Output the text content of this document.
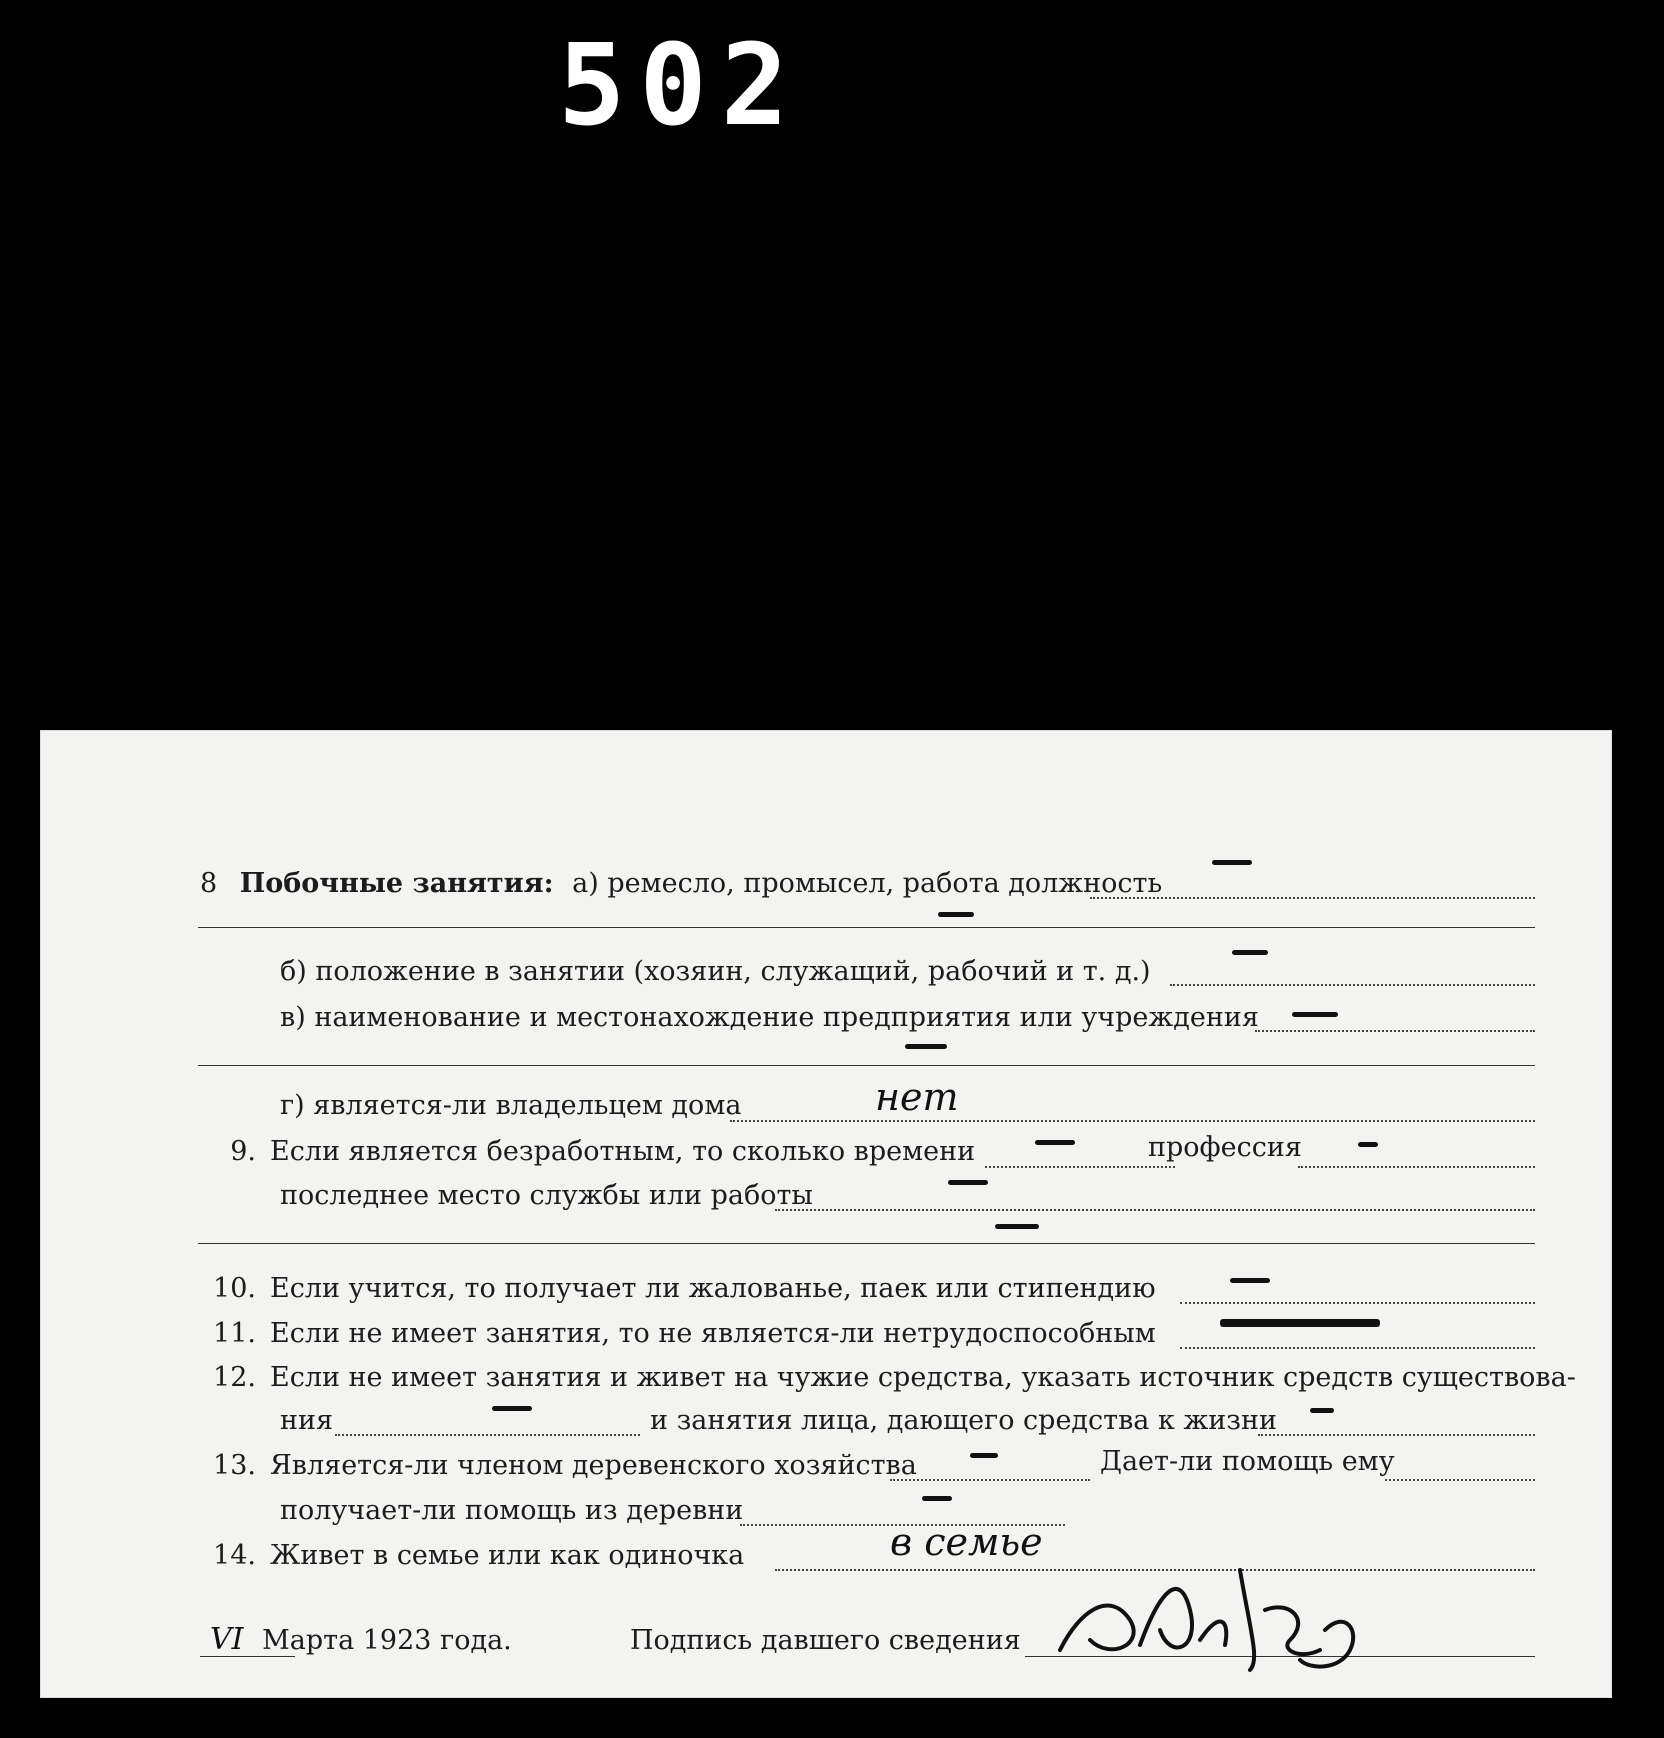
502
8 Побочные занятия: а) ремесло, промысел, работа должность
б) положение в занятии (хозяин, служащий, рабочий и т. д.)
в) наименование и местонахождение предприятия или учреждения
г) является-ли владельцем дома	нет
9. Если является безработным, то сколько времени	профессия
последнее место службы или работы
10. Если учится, то получает ли жалованье, паек или стипендию
11. Если не имеет занятия, то не является-ли нетрудоспособным
12. Если не имеет занятия и живет на чужие средства, указать источник средств существова-
ния	и занятия лица, дающего средства к жизни
13. Является-ли членом деревенского хозяйства	Дает-ли помощь ему
получает-ли помощь из деревни
14. Живет в семье или как одиночка	в семье
VI Марта 1923 года.	Подпись давшего сведения
